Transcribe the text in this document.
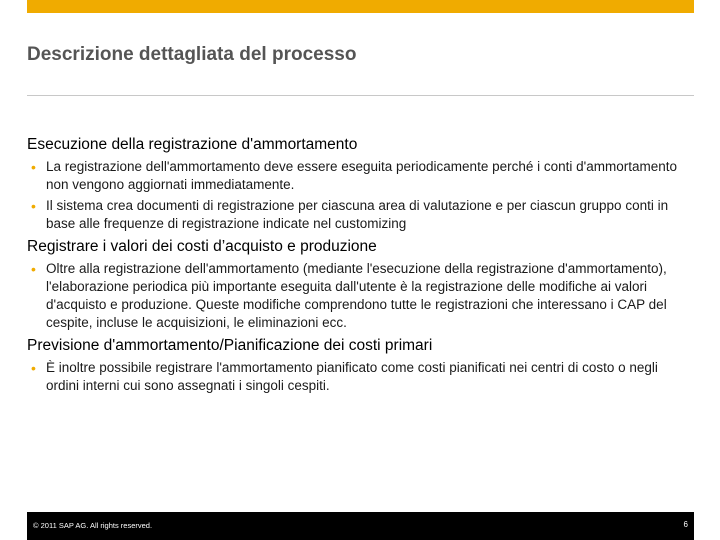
Descrizione dettagliata del processo
Esecuzione della registrazione d'ammortamento
• La registrazione dell'ammortamento deve essere eseguita periodicamente perché i conti d'ammortamento non vengono aggiornati immediatamente.
• Il sistema crea documenti di registrazione per ciascuna area di valutazione e per ciascun gruppo conti in base alle frequenze di registrazione indicate nel customizing
Registrare i valori dei costi d’acquisto e produzione
• Oltre alla registrazione dell'ammortamento (mediante l'esecuzione della registrazione d'ammortamento), l'elaborazione periodica più importante eseguita dall'utente è la registrazione delle modifiche ai valori d'acquisto e produzione. Queste modifiche comprendono tutte le registrazioni che interessano i CAP del cespite, incluse le acquisizioni, le eliminazioni ecc.
Previsione d'ammortamento/Pianificazione dei costi primari
• È inoltre possibile registrare l'ammortamento pianificato come costi pianificati nei centri di costo o negli ordini interni cui sono assegnati i singoli cespiti.
© 2011 SAP AG. All rights reserved.	6
